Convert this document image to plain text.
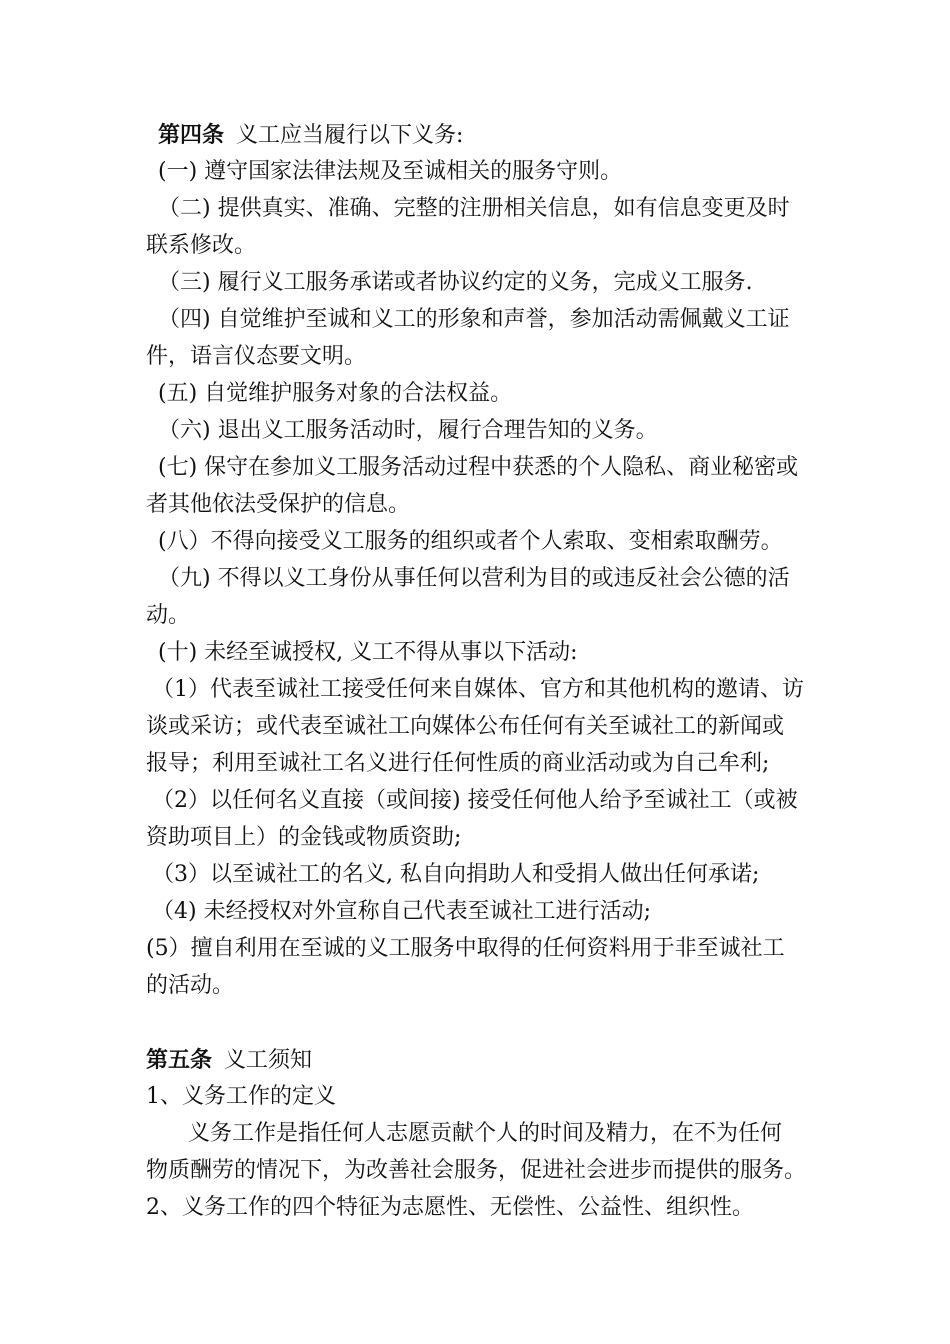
第四条 义工应当履行以下义务:
(一) 遵守国家法律法规及至诚相关的服务守则。
（二) 提供真实、准确、完整的注册相关信息，如有信息变更及时
联系修改。
（三) 履行义工服务承诺或者协议约定的义务，完成义工服务.
（四) 自觉维护至诚和义工的形象和声誉，参加活动需佩戴义工证
件，语言仪态要文明。
(五) 自觉维护服务对象的合法权益。
（六) 退出义工服务活动时，履行合理告知的义务。
(七) 保守在参加义工服务活动过程中获悉的个人隐私、商业秘密或
者其他依法受保护的信息。
(八）不得向接受义工服务的组织或者个人索取、变相索取酬劳。
（九) 不得以义工身份从事任何以营利为目的或违反社会公德的活
动。
(十) 未经至诚授权, 义工不得从事以下活动:
（1）代表至诚社工接受任何来自媒体、官方和其他机构的邀请、访
谈或采访；或代表至诚社工向媒体公布任何有关至诚社工的新闻或
报导；利用至诚社工名义进行任何性质的商业活动或为自己牟利;
（2）以任何名义直接（或间接) 接受任何他人给予至诚社工（或被
资助项目上）的金钱或物质资助;
（3）以至诚社工的名义, 私自向捐助人和受捐人做出任何承诺;
（4) 未经授权对外宣称自己代表至诚社工进行活动;
(5）擅自利用在至诚的义工服务中取得的任何资料用于非至诚社工
的活动。
第五条 义工须知
1、义务工作的定义
义务工作是指任何人志愿贡献个人的时间及精力，在不为任何
物质酬劳的情况下，为改善社会服务，促进社会进步而提供的服务。
2、义务工作的四个特征为志愿性、无偿性、公益性、组织性。
